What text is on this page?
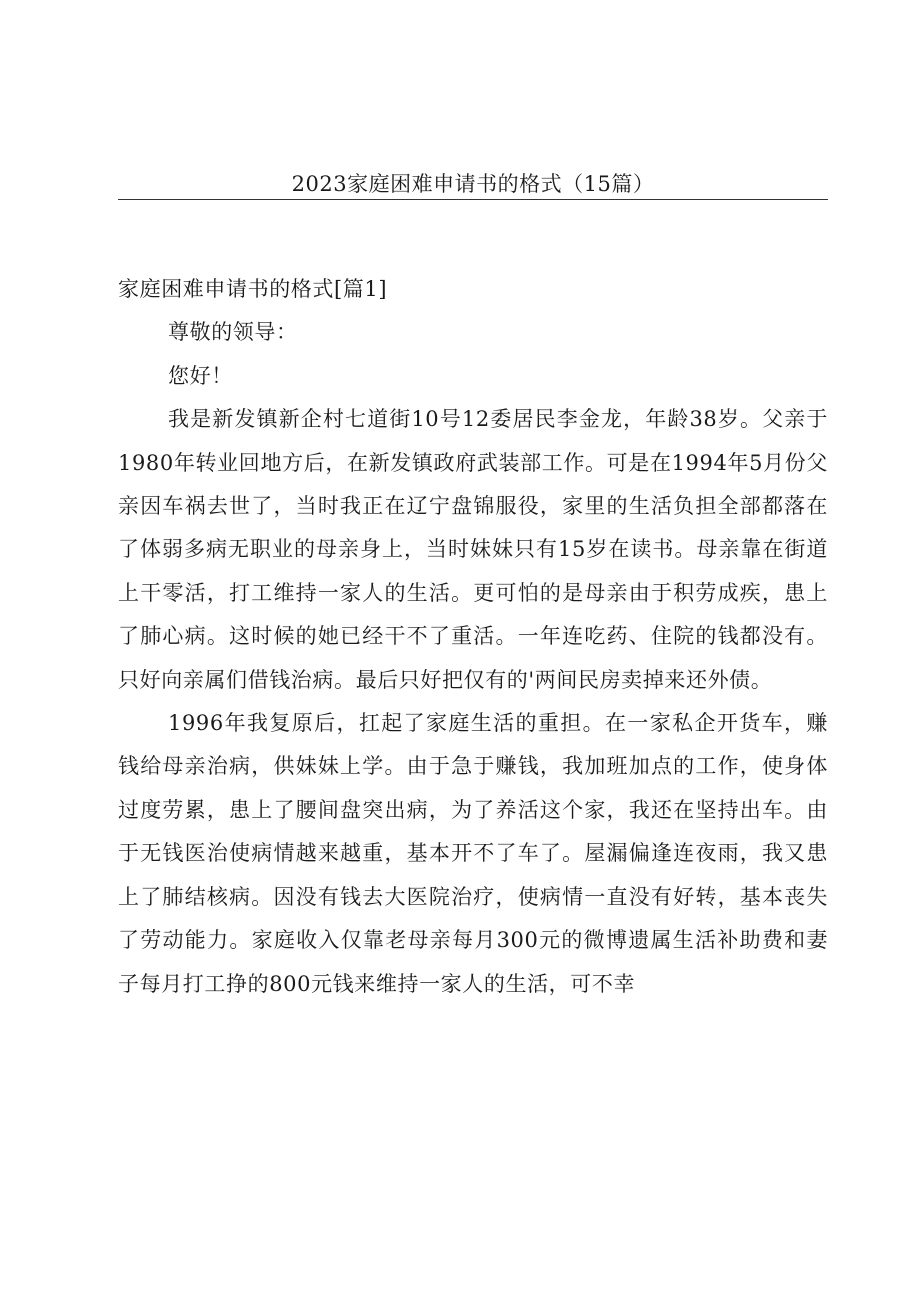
2023家庭困难申请书的格式（15篇）

家庭困难申请书的格式[篇1]

尊敬的领导：

您好！

我是新发镇新企村七道街10号12委居民李金龙，年龄38岁。父亲于1980年转业回地方后，在新发镇政府武装部工作。可是在1994年5月份父亲因车祸去世了，当时我正在辽宁盘锦服役，家里的生活负担全部都落在了体弱多病无职业的母亲身上，当时妹妹只有15岁在读书。母亲靠在街道上干零活，打工维持一家人的生活。更可怕的是母亲由于积劳成疾，患上了肺心病。这时候的她已经干不了重活。一年连吃药、住院的钱都没有。只好向亲属们借钱治病。最后只好把仅有的'两间民房卖掉来还外债。

1996年我复原后，扛起了家庭生活的重担。在一家私企开货车，赚钱给母亲治病，供妹妹上学。由于急于赚钱，我加班加点的工作，使身体过度劳累，患上了腰间盘突出病，为了养活这个家，我还在坚持出车。由于无钱医治使病情越来越重，基本开不了车了。屋漏偏逢连夜雨，我又患上了肺结核病。因没有钱去大医院治疗，使病情一直没有好转，基本丧失了劳动能力。家庭收入仅靠老母亲每月300元的微博遗属生活补助费和妻子每月打工挣的800元钱来维持一家人的生活，可不幸
